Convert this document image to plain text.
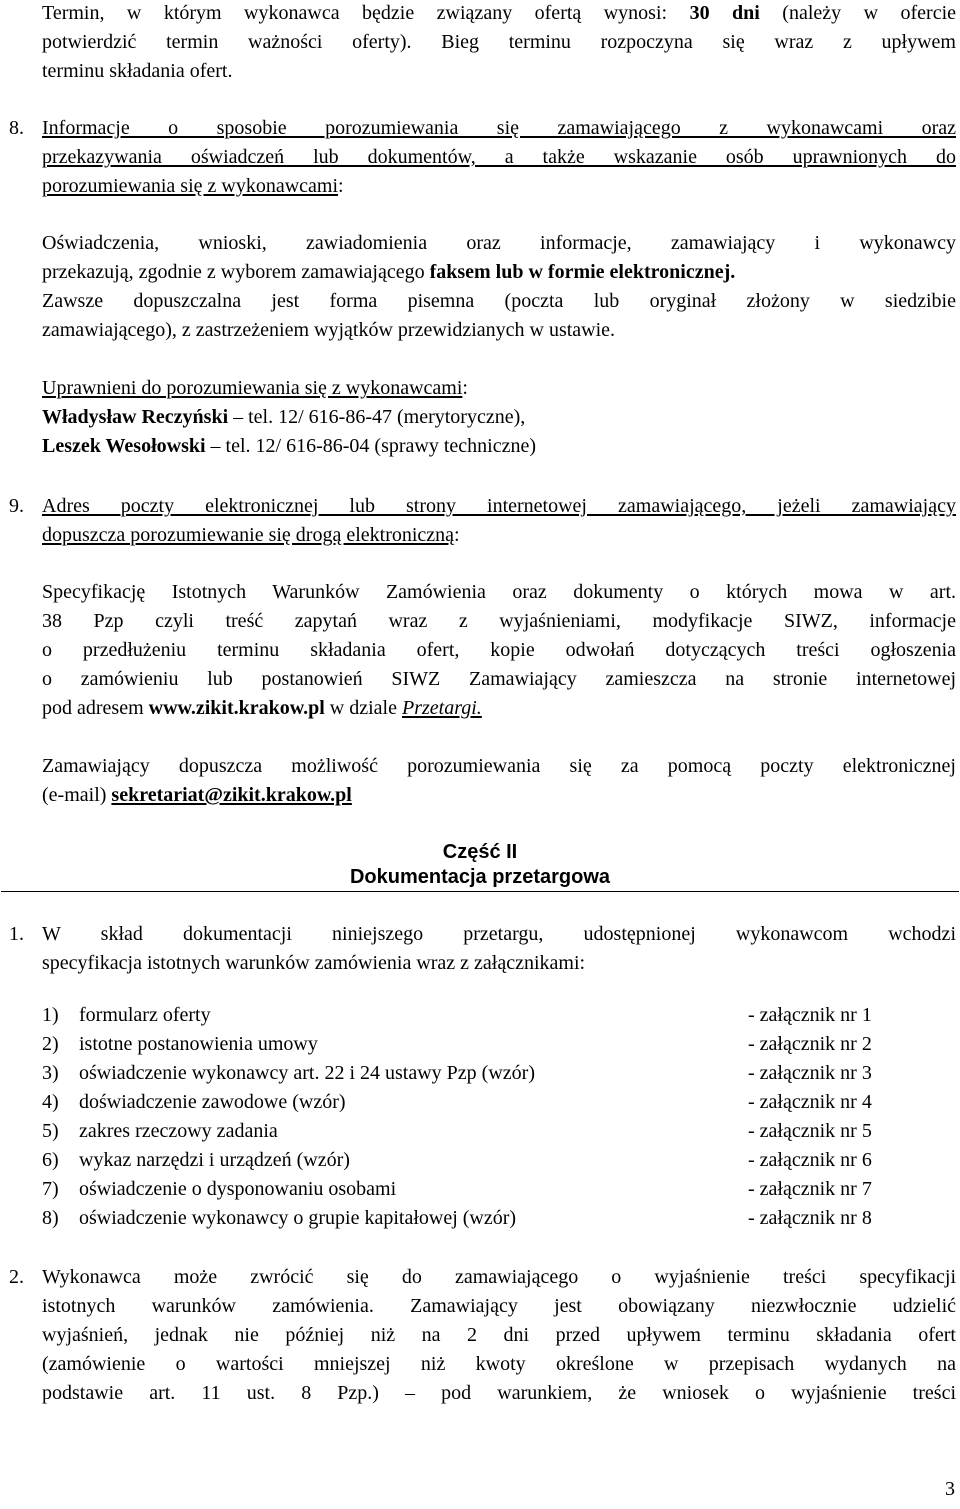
Termin, w którym wykonawca będzie związany ofertą wynosi: 30 dni (należy w ofercie
potwierdzić termin ważności oferty). Bieg terminu rozpoczyna się wraz z upływem
terminu składania ofert.
8. Informacje o sposobie porozumiewania się zamawiającego z wykonawcami oraz
przekazywania oświadczeń lub dokumentów, a także wskazanie osób uprawnionych do
porozumiewania się z wykonawcami:
Oświadczenia, wnioski, zawiadomienia oraz informacje, zamawiający i wykonawcy
przekazują, zgodnie z wyborem zamawiającego faksem lub w formie elektronicznej.
Zawsze dopuszczalna jest forma pisemna (poczta lub oryginał złożony w siedzibie
zamawiającego), z zastrzeżeniem wyjątków przewidzianych w ustawie.
Uprawnieni do porozumiewania się z wykonawcami:
Władysław Reczyński – tel. 12/ 616-86-47 (merytoryczne),
Leszek Wesołowski – tel. 12/ 616-86-04 (sprawy techniczne)
9. Adres poczty elektronicznej lub strony internetowej zamawiającego, jeżeli zamawiający
dopuszcza porozumiewanie się drogą elektroniczną:
Specyfikację Istotnych Warunków Zamówienia oraz dokumenty o których mowa w art.
38 Pzp czyli treść zapytań wraz z wyjaśnieniami, modyfikacje SIWZ, informacje
o przedłużeniu terminu składania ofert, kopie odwołań dotyczących treści ogłoszenia
o zamówieniu lub postanowień SIWZ Zamawiający zamieszcza na stronie internetowej
pod adresem www.zikit.krakow.pl w dziale Przetargi.
Zamawiający dopuszcza możliwość porozumiewania się za pomocą poczty elektronicznej
(e-mail) sekretariat@zikit.krakow.pl
Część II
Dokumentacja przetargowa
1. W skład dokumentacji niniejszego przetargu, udostępnionej wykonawcom wchodzi
specyfikacja istotnych warunków zamówienia wraz z załącznikami:
1) formularz oferty	- załącznik nr 1
2) istotne postanowienia umowy	- załącznik nr 2
3) oświadczenie wykonawcy art. 22 i 24 ustawy Pzp (wzór)	- załącznik nr 3
4) doświadczenie zawodowe (wzór)	- załącznik nr 4
5) zakres rzeczowy zadania	- załącznik nr 5
6) wykaz narzędzi i urządzeń (wzór)	- załącznik nr 6
7) oświadczenie o dysponowaniu osobami	- załącznik nr 7
8) oświadczenie wykonawcy o grupie kapitałowej (wzór)	- załącznik nr 8
2. Wykonawca może zwrócić się do zamawiającego o wyjaśnienie treści specyfikacji
istotnych warunków zamówienia. Zamawiający jest obowiązany niezwłocznie udzielić
wyjaśnień, jednak nie później niż na 2 dni przed upływem terminu składania ofert
(zamówienie o wartości mniejszej niż kwoty określone w przepisach wydanych na
podstawie art. 11 ust. 8 Pzp.) – pod warunkiem, że wniosek o wyjaśnienie treści
3
